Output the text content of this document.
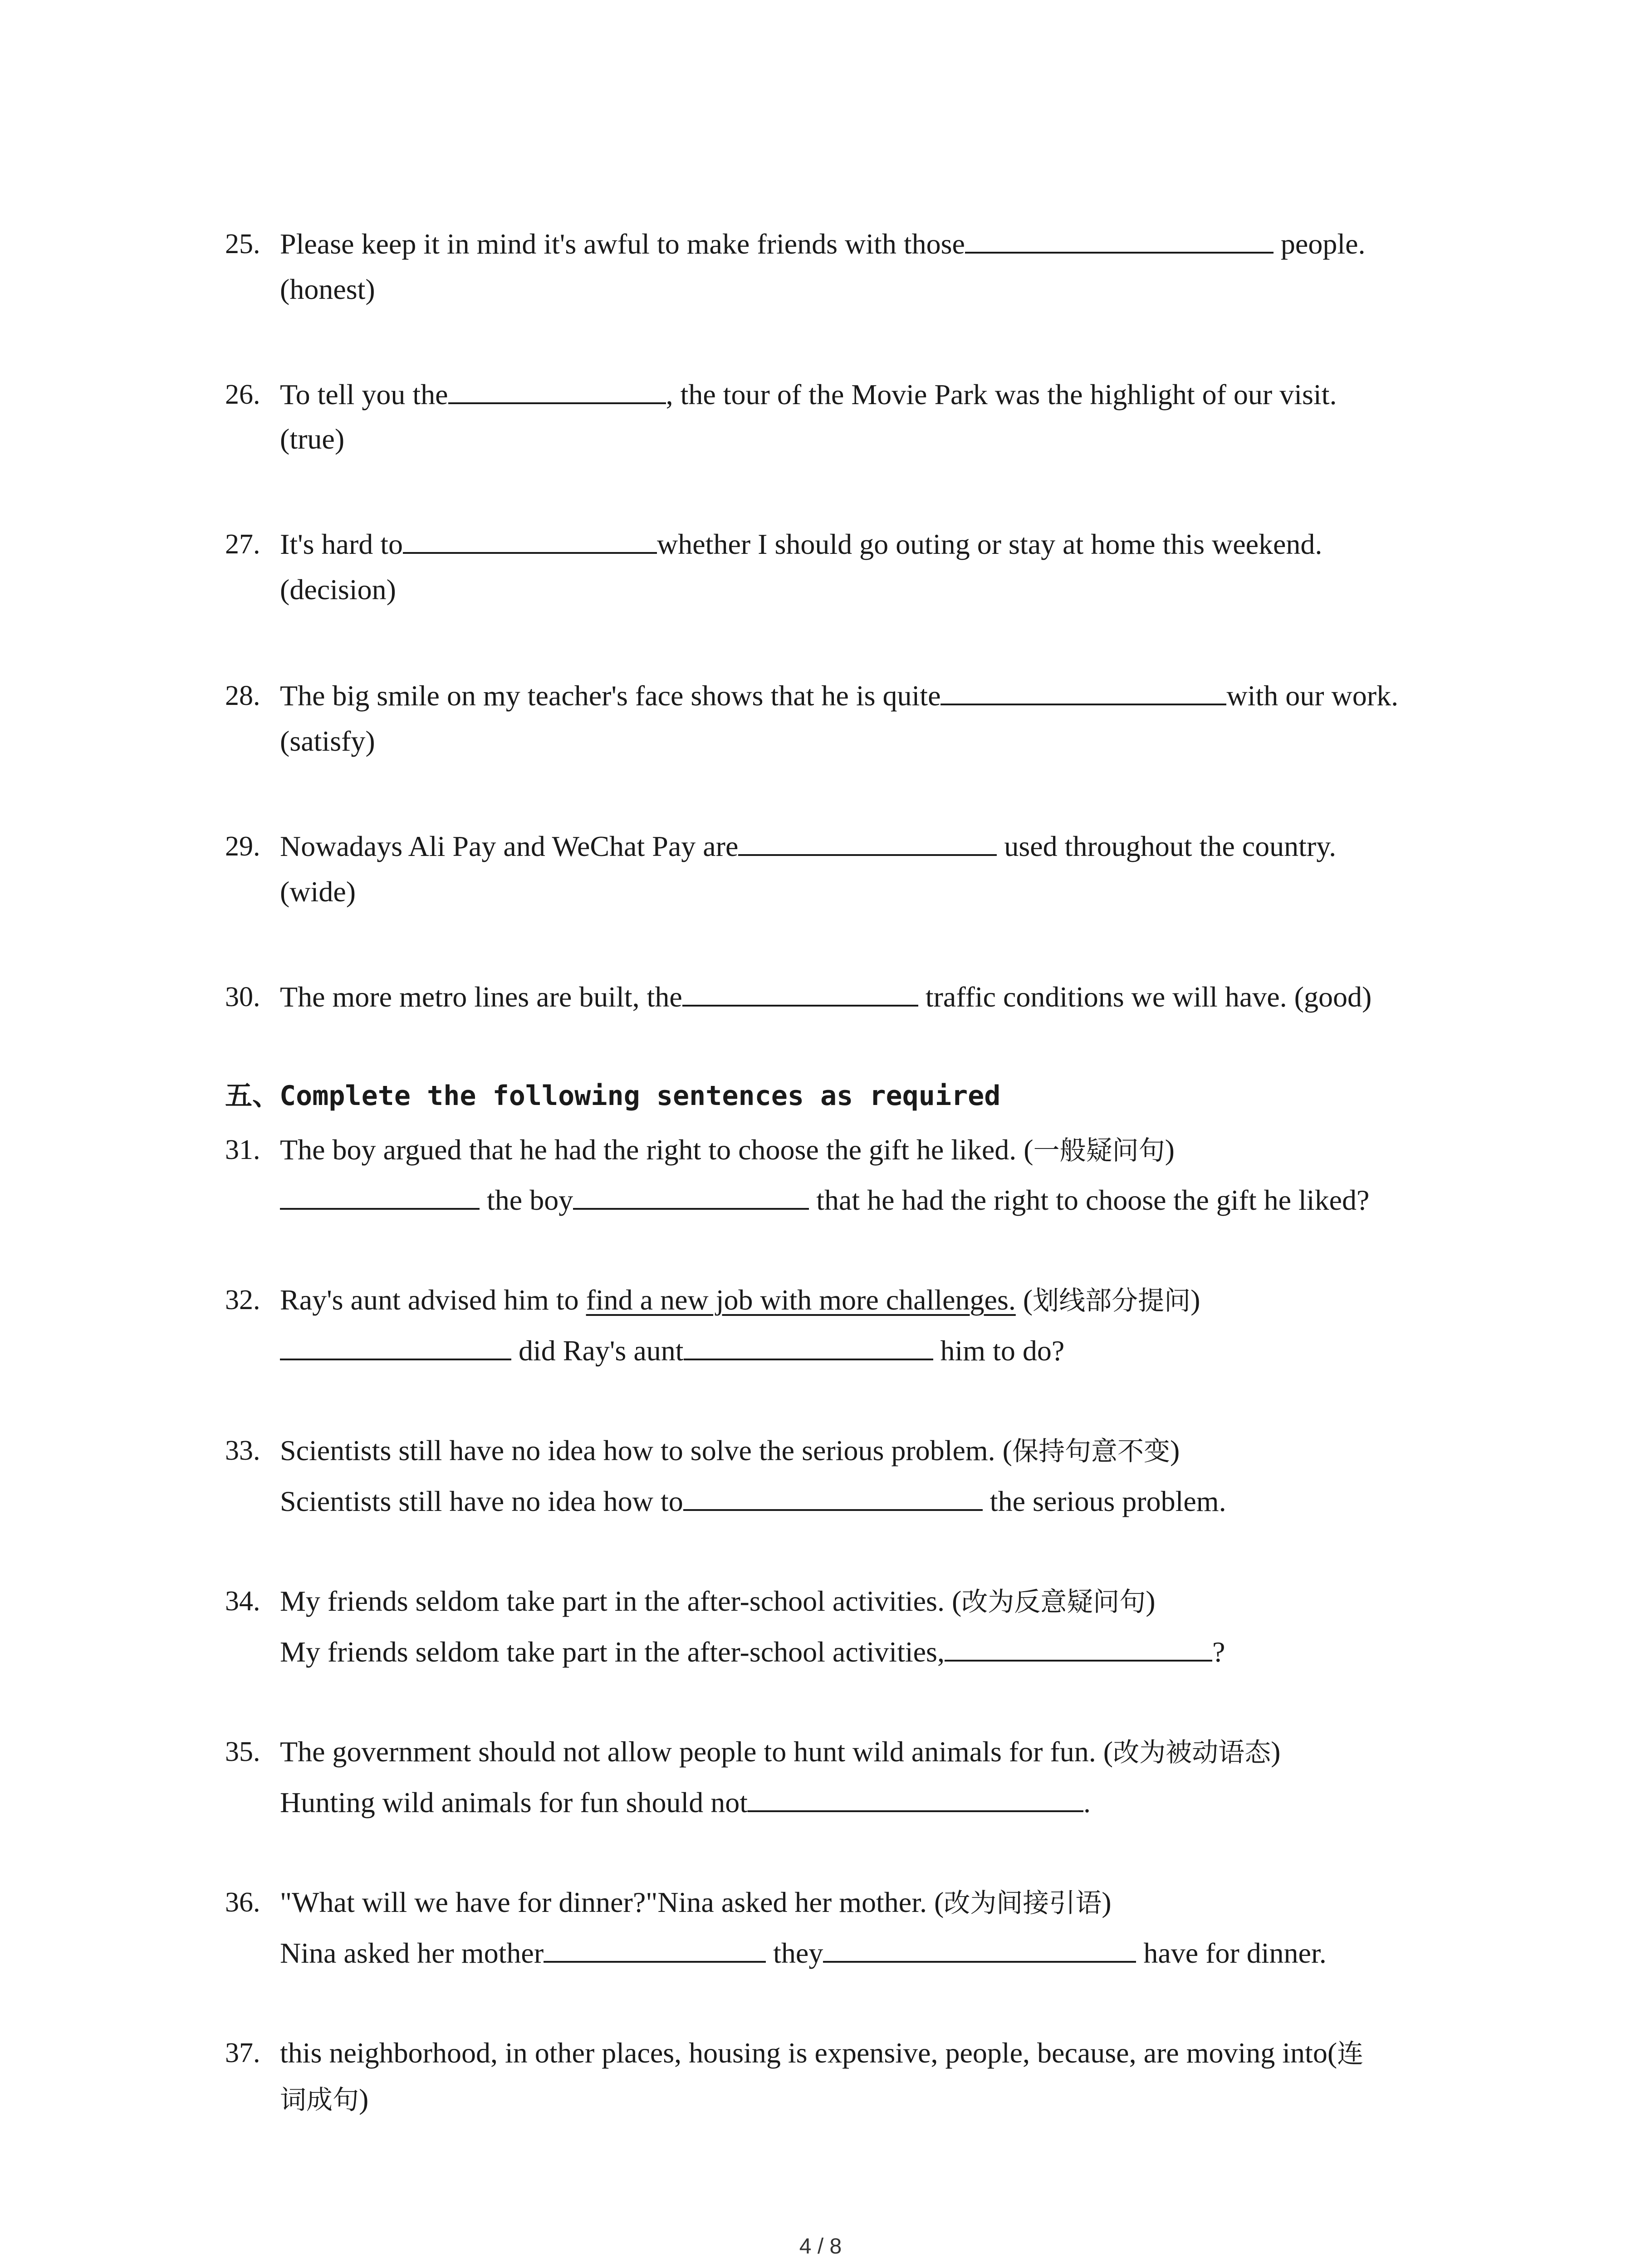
25. Please keep it in mind it's awful to make friends with those	people.
(honest)
26. To tell you the	, the tour of the Movie Park was the highlight of our visit.
(true)
27. It's hard to	whether I should go outing or stay at home this weekend.
(decision)
28. The big smile on my teacher's face shows that he is quite	with our work.
(satisfy)
29. Nowadays Ali Pay and WeChat Pay are	used throughout the country.
(wide)
30. The more metro lines are built, the	traffic conditions we will have. (good)
五、Complete the following sentences as required
31. The boy argued that he had the right to choose the gift he liked. (一般疑问句)
the boy	that he had the right to choose the gift he liked?
32. Ray's aunt advised him to find a new job with more challenges. (划线部分提问)
did Ray's aunt	him to do?
33. Scientists still have no idea how to solve the serious problem. (保持句意不变)
Scientists still have no idea how to	the serious problem.
34. My friends seldom take part in the after-school activities. (改为反意疑问句)
My friends seldom take part in the after-school activities,	?
35. The government should not allow people to hunt wild animals for fun. (改为被动语态)
Hunting wild animals for fun should not	.
36. "What will we have for dinner?"Nina asked her mother. (改为间接引语)
Nina asked her mother	they	have for dinner.
37. this neighborhood, in other places, housing is expensive, people, because, are moving into(连
词成句)
4 / 8
